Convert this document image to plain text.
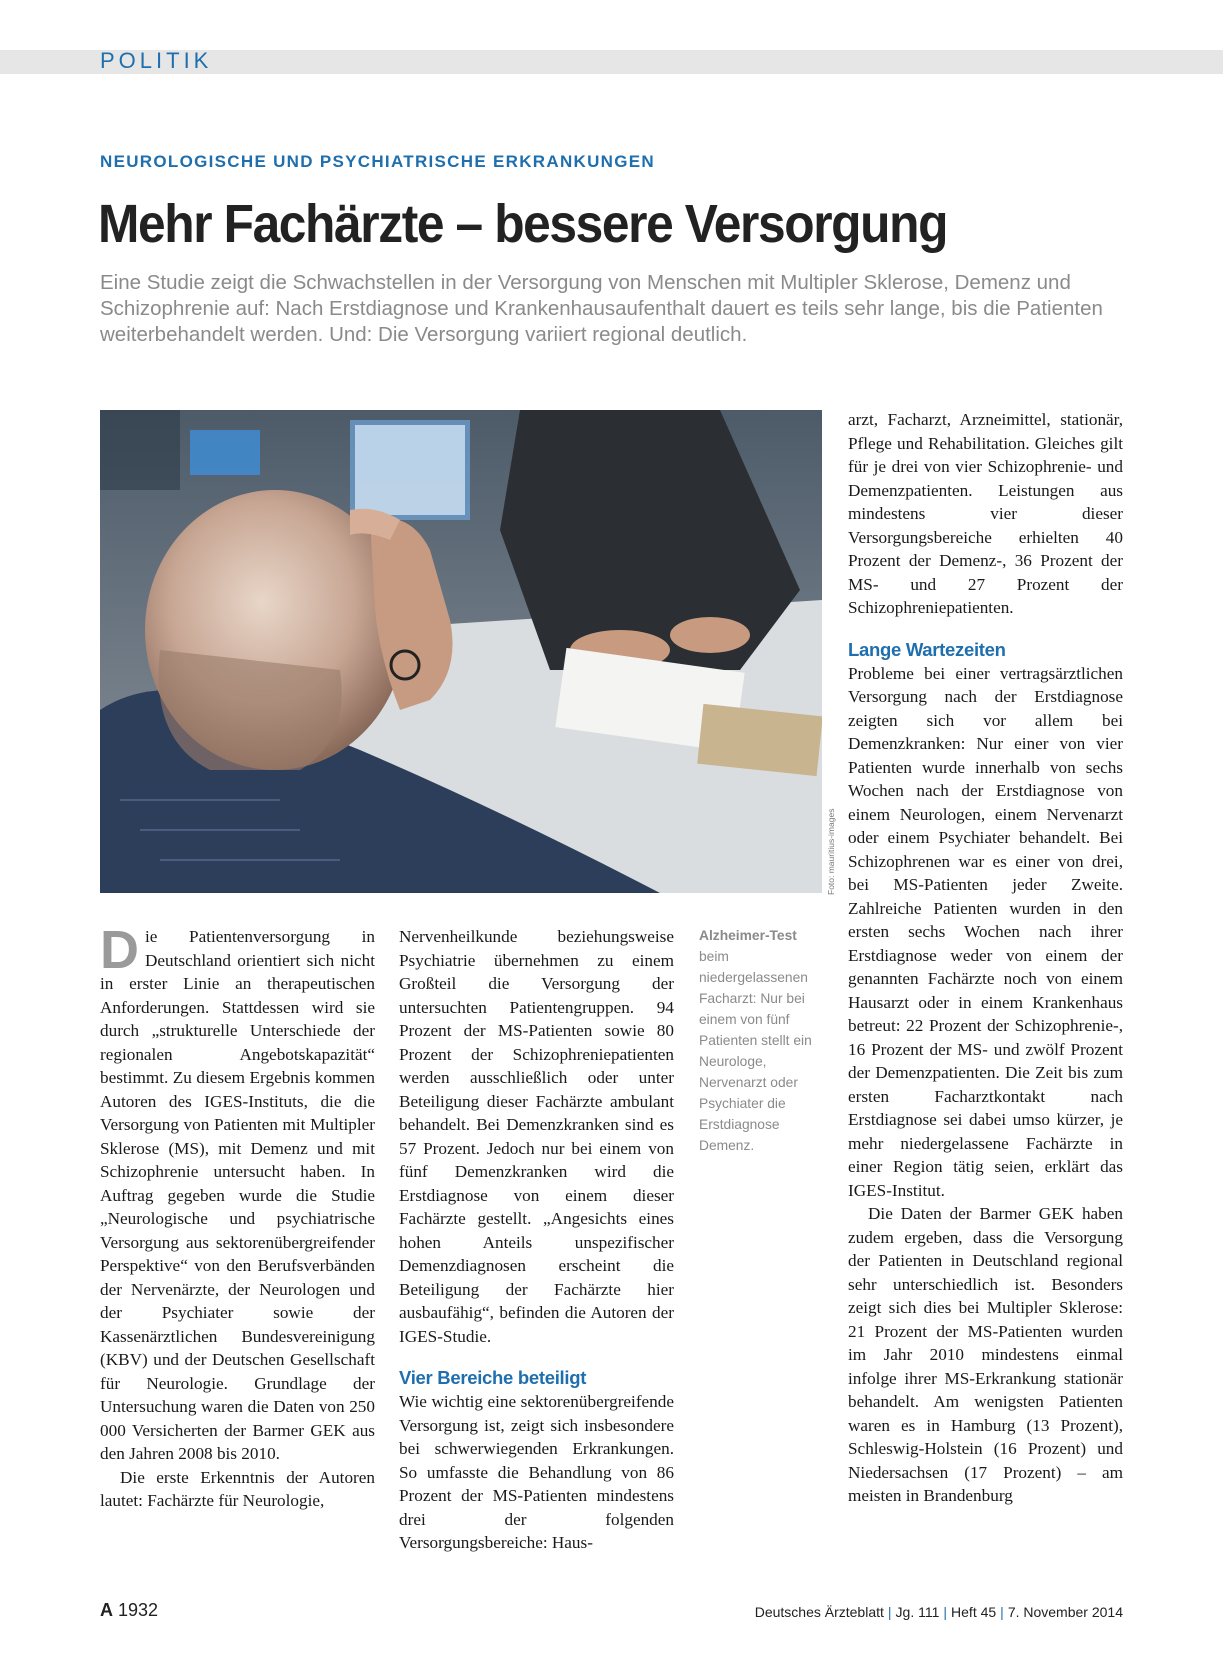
POLITIK
NEUROLOGISCHE UND PSYCHIATRISCHE ERKRANKUNGEN
Mehr Fachärzte – bessere Versorgung
Eine Studie zeigt die Schwachstellen in der Versorgung von Menschen mit Multipler Sklerose, Demenz und Schizophrenie auf: Nach Erstdiagnose und Krankenhausaufenthalt dauert es teils sehr lange, bis die Patienten weiterbehandelt werden. Und: Die Versorgung variiert regional deutlich.
Foto: mauritius-images

Die Patientenversorgung in Deutschland orientiert sich nicht in erster Linie an therapeutischen Anforderungen. Stattdessen wird sie durch „strukturelle Unterschiede der regionalen Angebotskapazität“ bestimmt. Zu diesem Ergebnis kommen Autoren des IGES-Instituts, die die Versorgung von Patienten mit Multipler Sklerose (MS), mit Demenz und mit Schizophrenie untersucht haben. In Auftrag gegeben wurde die Studie „Neurologische und psychiatrische Versorgung aus sektorenübergreifender Perspektive“ von den Berufsverbänden der Nervenärzte, der Neurologen und der Psychiater sowie der Kassenärztlichen Bundesvereinigung (KBV) und der Deutschen Gesellschaft für Neurologie. Grundlage der Untersuchung waren die Daten von 250 000 Versicherten der Barmer GEK aus den Jahren 2008 bis 2010.

Die erste Erkenntnis der Autoren lautet: Fachärzte für Neurologie,

Nervenheilkunde beziehungsweise Psychiatrie übernehmen zu einem Großteil die Versorgung der untersuchten Patientengruppen. 94 Prozent der MS-Patienten sowie 80 Prozent der Schizophreniepatienten werden ausschließlich oder unter Beteiligung dieser Fachärzte ambulant behandelt. Bei Demenzkranken sind es 57 Prozent. Jedoch nur bei einem von fünf Demenzkranken wird die Erstdiagnose von einem dieser Fachärzte gestellt. „Angesichts eines hohen Anteils unspezifischer Demenzdiagnosen erscheint die Beteiligung der Fachärzte hier ausbaufähig“, befinden die Autoren der IGES-Studie.

Vier Bereiche beteiligt

Wie wichtig eine sektorenübergreifende Versorgung ist, zeigt sich insbesondere bei schwerwiegenden Erkrankungen. So umfasste die Behandlung von 86 Prozent der MS-Patienten mindestens drei der folgenden Versorgungsbereiche: Haus-

Alzheimer-Test
beim niedergelassenen Facharzt: Nur bei einem von fünf Patienten stellt ein Neurologe, Nervenarzt oder Psychiater die Erstdiagnose Demenz.

arzt, Facharzt, Arzneimittel, stationär, Pflege und Rehabilitation. Gleiches gilt für je drei von vier Schizophrenie- und Demenzpatienten. Leistungen aus mindestens vier dieser Versorgungsbereiche erhielten 40 Prozent der Demenz-, 36 Prozent der MS- und 27 Prozent der Schizophreniepatienten.

Lange Wartezeiten

Probleme bei einer vertragsärztlichen Versorgung nach der Erstdiagnose zeigten sich vor allem bei Demenzkranken: Nur einer von vier Patienten wurde innerhalb von sechs Wochen nach der Erstdiagnose von einem Neurologen, einem Nervenarzt oder einem Psychiater behandelt. Bei Schizophrenen war es einer von drei, bei MS-Patienten jeder Zweite. Zahlreiche Patienten wurden in den ersten sechs Wochen nach ihrer Erstdiagnose weder von einem der genannten Fachärzte noch von einem Hausarzt oder in einem Krankenhaus betreut: 22 Prozent der Schizophrenie-, 16 Prozent der MS- und zwölf Prozent der Demenzpatienten. Die Zeit bis zum ersten Facharztkontakt nach Erstdiagnose sei dabei umso kürzer, je mehr niedergelassene Fachärzte in einer Region tätig seien, erklärt das IGES-Institut.

Die Daten der Barmer GEK haben zudem ergeben, dass die Versorgung der Patienten in Deutschland regional sehr unterschiedlich ist. Besonders zeigt sich dies bei Multipler Sklerose: 21 Prozent der MS-Patienten wurden im Jahr 2010 mindestens einmal infolge ihrer MS-Erkrankung stationär behandelt. Am wenigsten Patienten waren es in Hamburg (13 Prozent), Schleswig-Holstein (16 Prozent) und Niedersachsen (17 Prozent) – am meisten in Brandenburg

A 1932	Deutsches Ärzteblatt | Jg. 111 | Heft 45 | 7. November 2014
